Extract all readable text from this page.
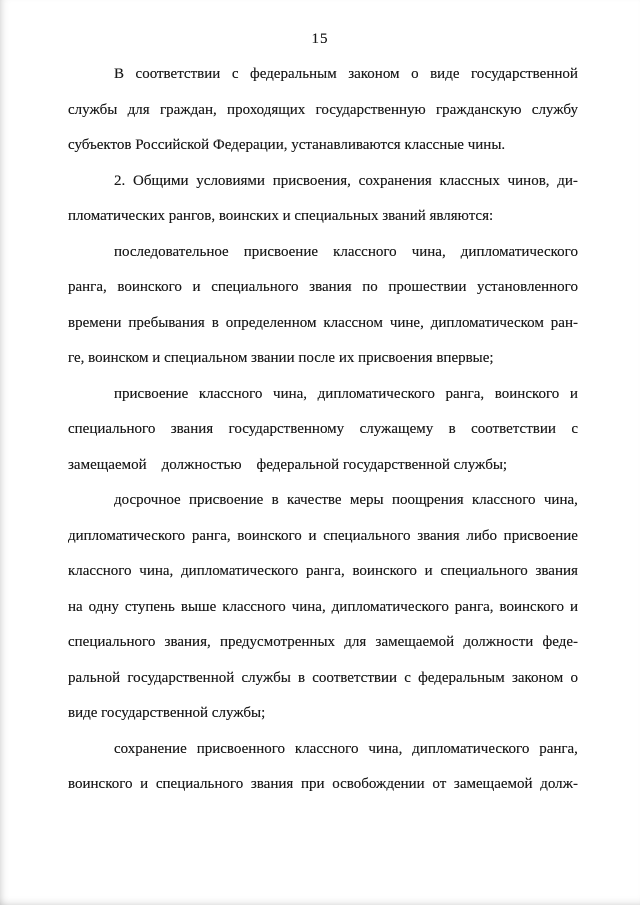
15
В соответствии с федеральным законом о виде государственной
службы для граждан, проходящих государственную гражданскую службу
субъектов Российской Федерации, устанавливаются классные чины.
2. Общими условиями присвоения, сохранения классных чинов, ди-
пломатических рангов, воинских и специальных званий являются:
последовательное присвоение классного чина, дипломатического
ранга, воинского и специального звания по прошествии установленного
времени пребывания в определенном классном чине, дипломатическом ран-
ге, воинском и специальном звании после их присвоения впервые;
присвоение классного чина, дипломатического ранга, воинского и
специального звания государственному служащему в соответствии с
замещаемой    должностью    федеральной государственной службы;
досрочное присвоение в качестве меры поощрения классного чина,
дипломатического ранга, воинского и специального звания либо присвоение
классного чина, дипломатического ранга, воинского и специального звания
на одну ступень выше классного чина, дипломатического ранга, воинского и
специального звания, предусмотренных для замещаемой должности феде-
ральной государственной службы в соответствии с федеральным законом о
виде государственной службы;
сохранение присвоенного классного чина, дипломатического ранга,
воинского и специального звания при освобождении от замещаемой долж-
